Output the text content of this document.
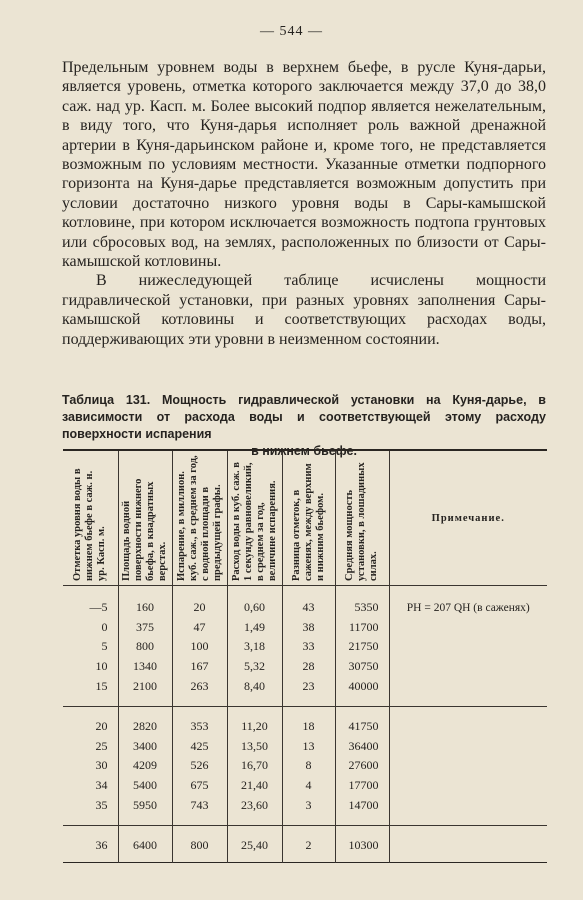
— 544 —

Предельным уровнем воды в верхнем бьефе, в русле Куня-дарьи, является уровень, отметка которого заключается между 37,0 до 38,0 саж. над ур. Касп. м. Более высокий подпор является нежелательным, в виду того, что Куня-дарья исполняет роль важной дренажной артерии в Куня-дарьинском районе и, кроме того, не представляется возможным по условиям местности. Указанные отметки подпорного горизонта на Куня-дарье представляется возможным допустить при условии достаточно низкого уровня воды в Сары-камышской котловине, при котором исключается возможность подтопа грунтовых или сбросовых вод, на землях, расположенных по близости от Сары-камышской котловины.

В нижеследующей таблице исчислены мощности гидравлической установки, при разных уровнях заполнения Сары-камышской котловины и соответствующих расходах воды, поддерживающих эти уровни в неизменном состоянии.

Таблица 131. Мощность гидравлической установки на Куня-дарье, в зависимости от расхода воды и соответствующей этому расходу поверхности испарения
в нижнем бьефе.
Отметка уровня воды в нижнем бьефе в саж. н. ур. Касп. м.	Площадь водной поверхности нижнего бьефа, в квадратных верстах.	Испарение, в миллион. куб. саж., в среднем за год, с водной площади в предыдущей графы.	Расход воды в куб. саж. в 1 секунду равновеликий, в среднем за год, величине испарения.	Разница отметок, в саженях, между верхним и нижним бьефом.	Средняя мощность установки, в лошадиных силах.	Примечание.

—5	160	20	0,60	43	5350	PH = 207 QH (в саженях)
0	375	47	1,49	38	11700	
5	800	100	3,18	33	21750	
10	1340	167	5,32	28	30750	
15	2100	263	8,40	23	40000	
20	2820	353	11,20	18	41750	
25	3400	425	13,50	13	36400	
30	4209	526	16,70	8	27600	
34	5400	675	21,40	4	17700	
35	5950	743	23,60	3	14700	
36	6400	800	25,40	2	10300	
